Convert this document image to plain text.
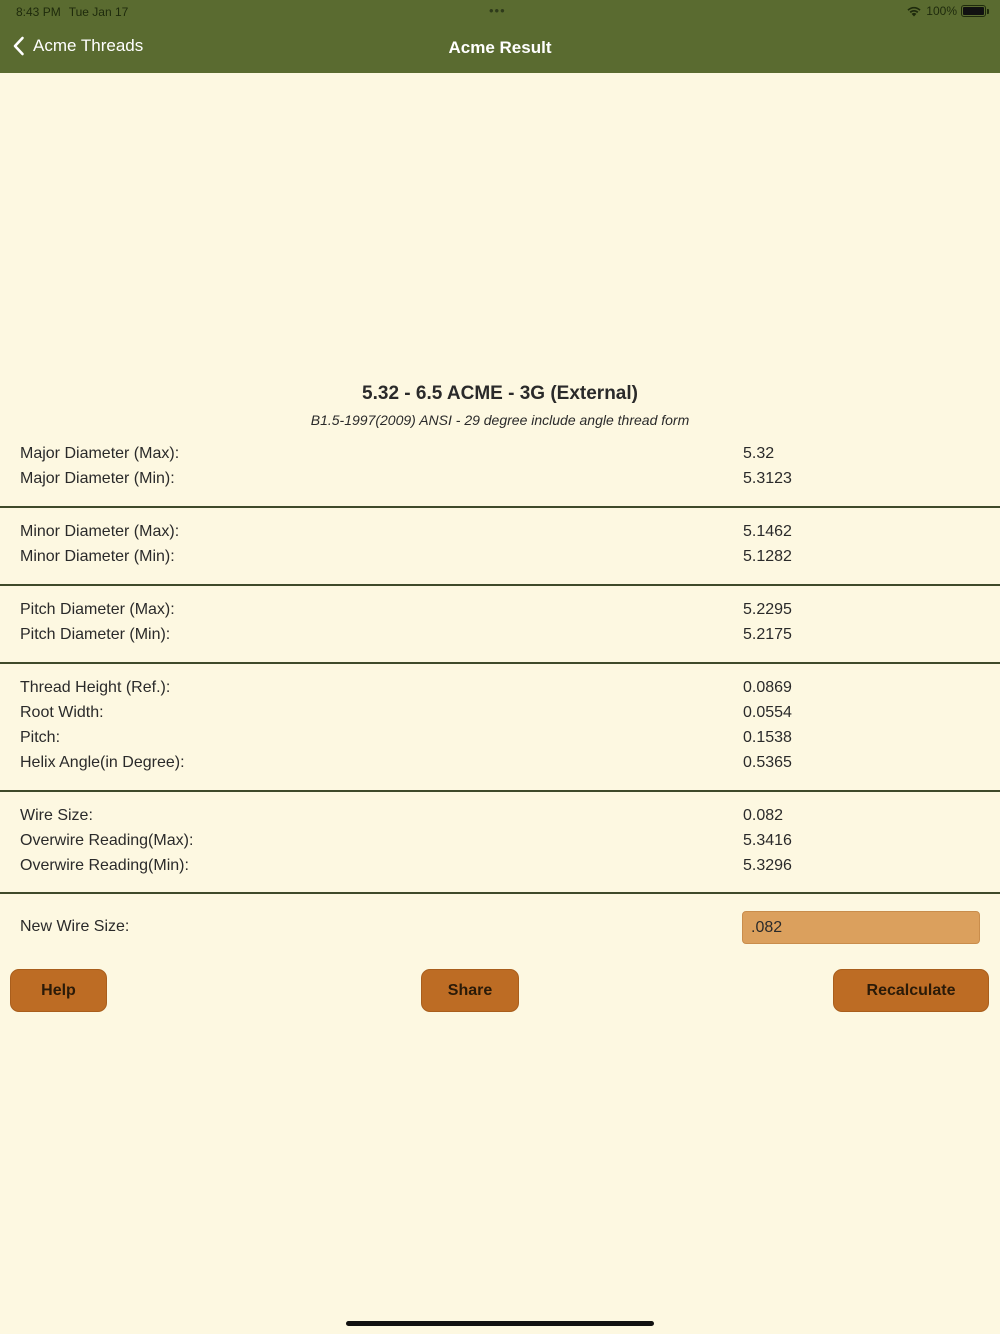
8:43 PM Tue Jan 17	•••	100%
Acme Threads	Acme Result
5.32 - 6.5 ACME - 3G (External)
B1.5-1997(2009) ANSI - 29 degree include angle thread form
Major Diameter (Max):	5.32
Major Diameter (Min):	5.3123
Minor Diameter (Max):	5.1462
Minor Diameter (Min):	5.1282
Pitch Diameter (Max):	5.2295
Pitch Diameter (Min):	5.2175
Thread Height (Ref.):	0.0869
Root Width:	0.0554
Pitch:	0.1538
Helix Angle(in Degree):	0.5365
Wire Size:	0.082
Overwire Reading(Max):	5.3416
Overwire Reading(Min):	5.3296
New Wire Size:
.082
Help	Share	Recalculate
